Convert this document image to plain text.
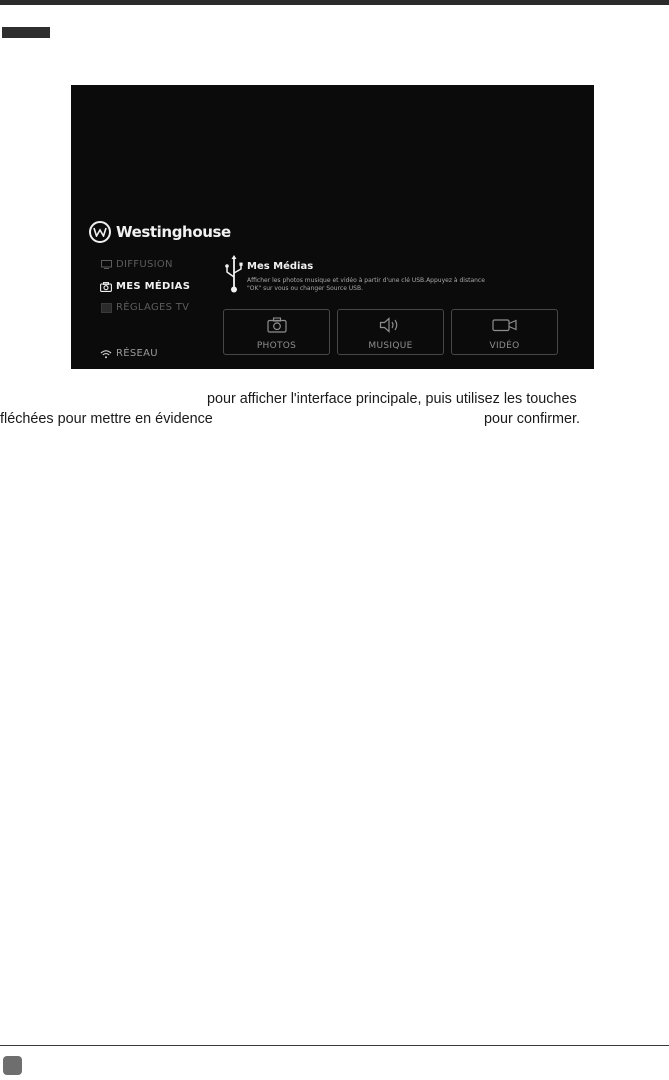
Westinghouse
DIFFUSION
MES MÉDIAS
RÉGLAGES TV
RÉSEAU
Mes Médias
Afficher les photos musique et vidéo à partir d'une clé USB.Appuyez à distance "OK" sur vous ou changer Source USB.
PHOTOS	MUSIQUE	VIDÉO
pour afficher l'interface principale, puis utilisez les touches
fléchées pour mettre en évidence	pour confirmer.
